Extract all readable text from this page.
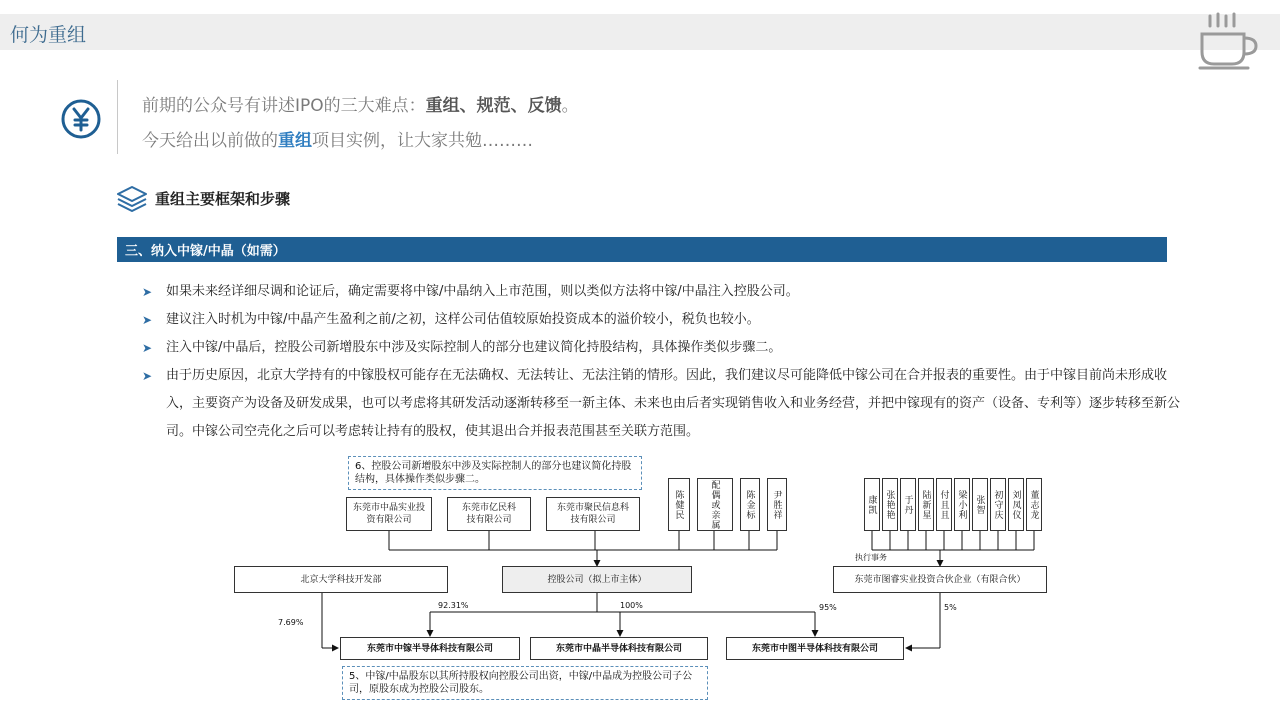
何为重组
前期的公众号有讲述IPO的三大难点：重组、规范、反馈。
今天给出以前做的重组项目实例，让大家共勉………
重组主要框架和步骤
三、纳入中镓/中晶（如需）
➤ 如果未来经详细尽调和论证后，确定需要将中镓/中晶纳入上市范围，则以类似方法将中镓/中晶注入控股公司。
➤ 建议注入时机为中镓/中晶产生盈利之前/之初，这样公司估值较原始投资成本的溢价较小，税负也较小。
➤ 注入中镓/中晶后，控股公司新增股东中涉及实际控制人的部分也建议简化持股结构，具体操作类似步骤二。
➤ 由于历史原因，北京大学持有的中镓股权可能存在无法确权、无法转让、无法注销的情形。因此，我们建议尽可能降低中镓公司在合并报表的重要性。由于中镓目前尚未形成收入，主要资产为设备及研发成果，也可以考虑将其研发活动逐渐转移至一新主体、未来也由后者实现销售收入和业务经营，并把中镓现有的资产（设备、专利等）逐步转移至新公司。中镓公司空壳化之后可以考虑转让持有的股权，使其退出合并报表范围甚至关联方范围。
6、控股公司新增股东中涉及实际控制人的部分也建议简化持股结构，具体操作类似步骤二。
东莞市中晶实业投资有限公司
东莞市亿民科技有限公司
东莞市聚民信息科技有限公司
陈健民	配偶或亲属	陈金标	尹胜祥	康凯 张艳艳 于丹 陆新星 付且且 梁小利 张智 初守庆 刘凤仪 董志龙
执行事务
北京大学科技开发部	控股公司（拟上市主体）	东莞市图睿实业投资合伙企业（有限合伙）
7.69%
92.31%	100%	95%	5%
东莞市中镓半导体科技有限公司	东莞市中晶半导体科技有限公司	东莞市中图半导体科技有限公司
5、中镓/中晶股东以其所持股权向控股公司出资，中镓/中晶成为控股公司子公司，原股东成为控股公司股东。
